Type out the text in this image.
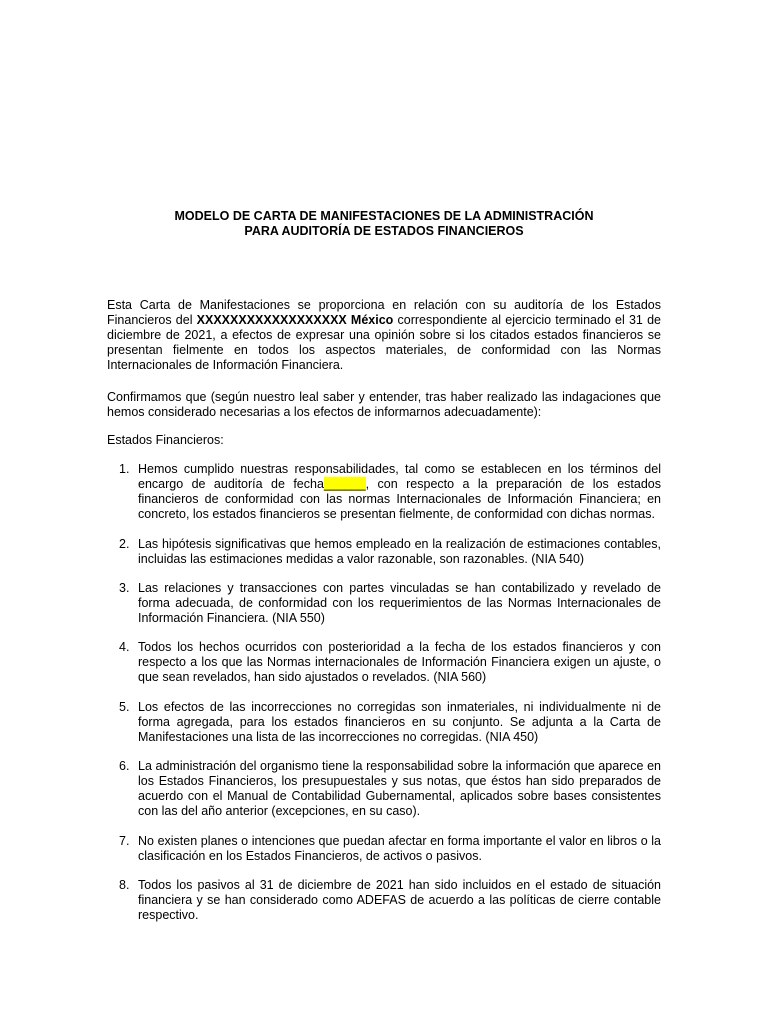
MODELO DE CARTA DE MANIFESTACIONES DE LA ADMINISTRACIÓN
PARA AUDITORÍA DE ESTADOS FINANCIEROS

Esta Carta de Manifestaciones se proporciona en relación con su auditoría de los Estados Financieros del XXXXXXXXXXXXXXXXXX México correspondiente al ejercicio terminado el 31 de diciembre de 2021, a efectos de expresar una opinión sobre si los citados estados financieros se presentan fielmente en todos los aspectos materiales, de conformidad con las Normas Internacionales de Información Financiera.

Confirmamos que (según nuestro leal saber y entender, tras haber realizado las indagaciones que hemos considerado necesarias a los efectos de informarnos adecuadamente):

Estados Financieros:

1. Hemos cumplido nuestras responsabilidades, tal como se establecen en los términos del encargo de auditoría de fecha______, con respecto a la preparación de los estados financieros de conformidad con las normas Internacionales de Información Financiera; en concreto, los estados financieros se presentan fielmente, de conformidad con dichas normas.
2. Las hipótesis significativas que hemos empleado en la realización de estimaciones contables, incluidas las estimaciones medidas a valor razonable, son razonables. (NIA 540)
3. Las relaciones y transacciones con partes vinculadas se han contabilizado y revelado de forma adecuada, de conformidad con los requerimientos de las Normas Internacionales de Información Financiera. (NIA 550)
4. Todos los hechos ocurridos con posterioridad a la fecha de los estados financieros y con respecto a los que las Normas internacionales de Información Financiera exigen un ajuste, o que sean revelados, han sido ajustados o revelados. (NIA 560)
5. Los efectos de las incorrecciones no corregidas son inmateriales, ni individualmente ni de forma agregada, para los estados financieros en su conjunto. Se adjunta a la Carta de Manifestaciones una lista de las incorrecciones no corregidas. (NIA 450)
6. La administración del organismo tiene la responsabilidad sobre la información que aparece en los Estados Financieros, los presupuestales y sus notas, que éstos han sido preparados de acuerdo con el Manual de Contabilidad Gubernamental, aplicados sobre bases consistentes con las del año anterior (excepciones, en su caso).
7. No existen planes o intenciones que puedan afectar en forma importante el valor en libros o la clasificación en los Estados Financieros, de activos o pasivos.
8. Todos los pasivos al 31 de diciembre de 2021 han sido incluidos en el estado de situación financiera y se han considerado como ADEFAS de acuerdo a las políticas de cierre contable respectivo.
